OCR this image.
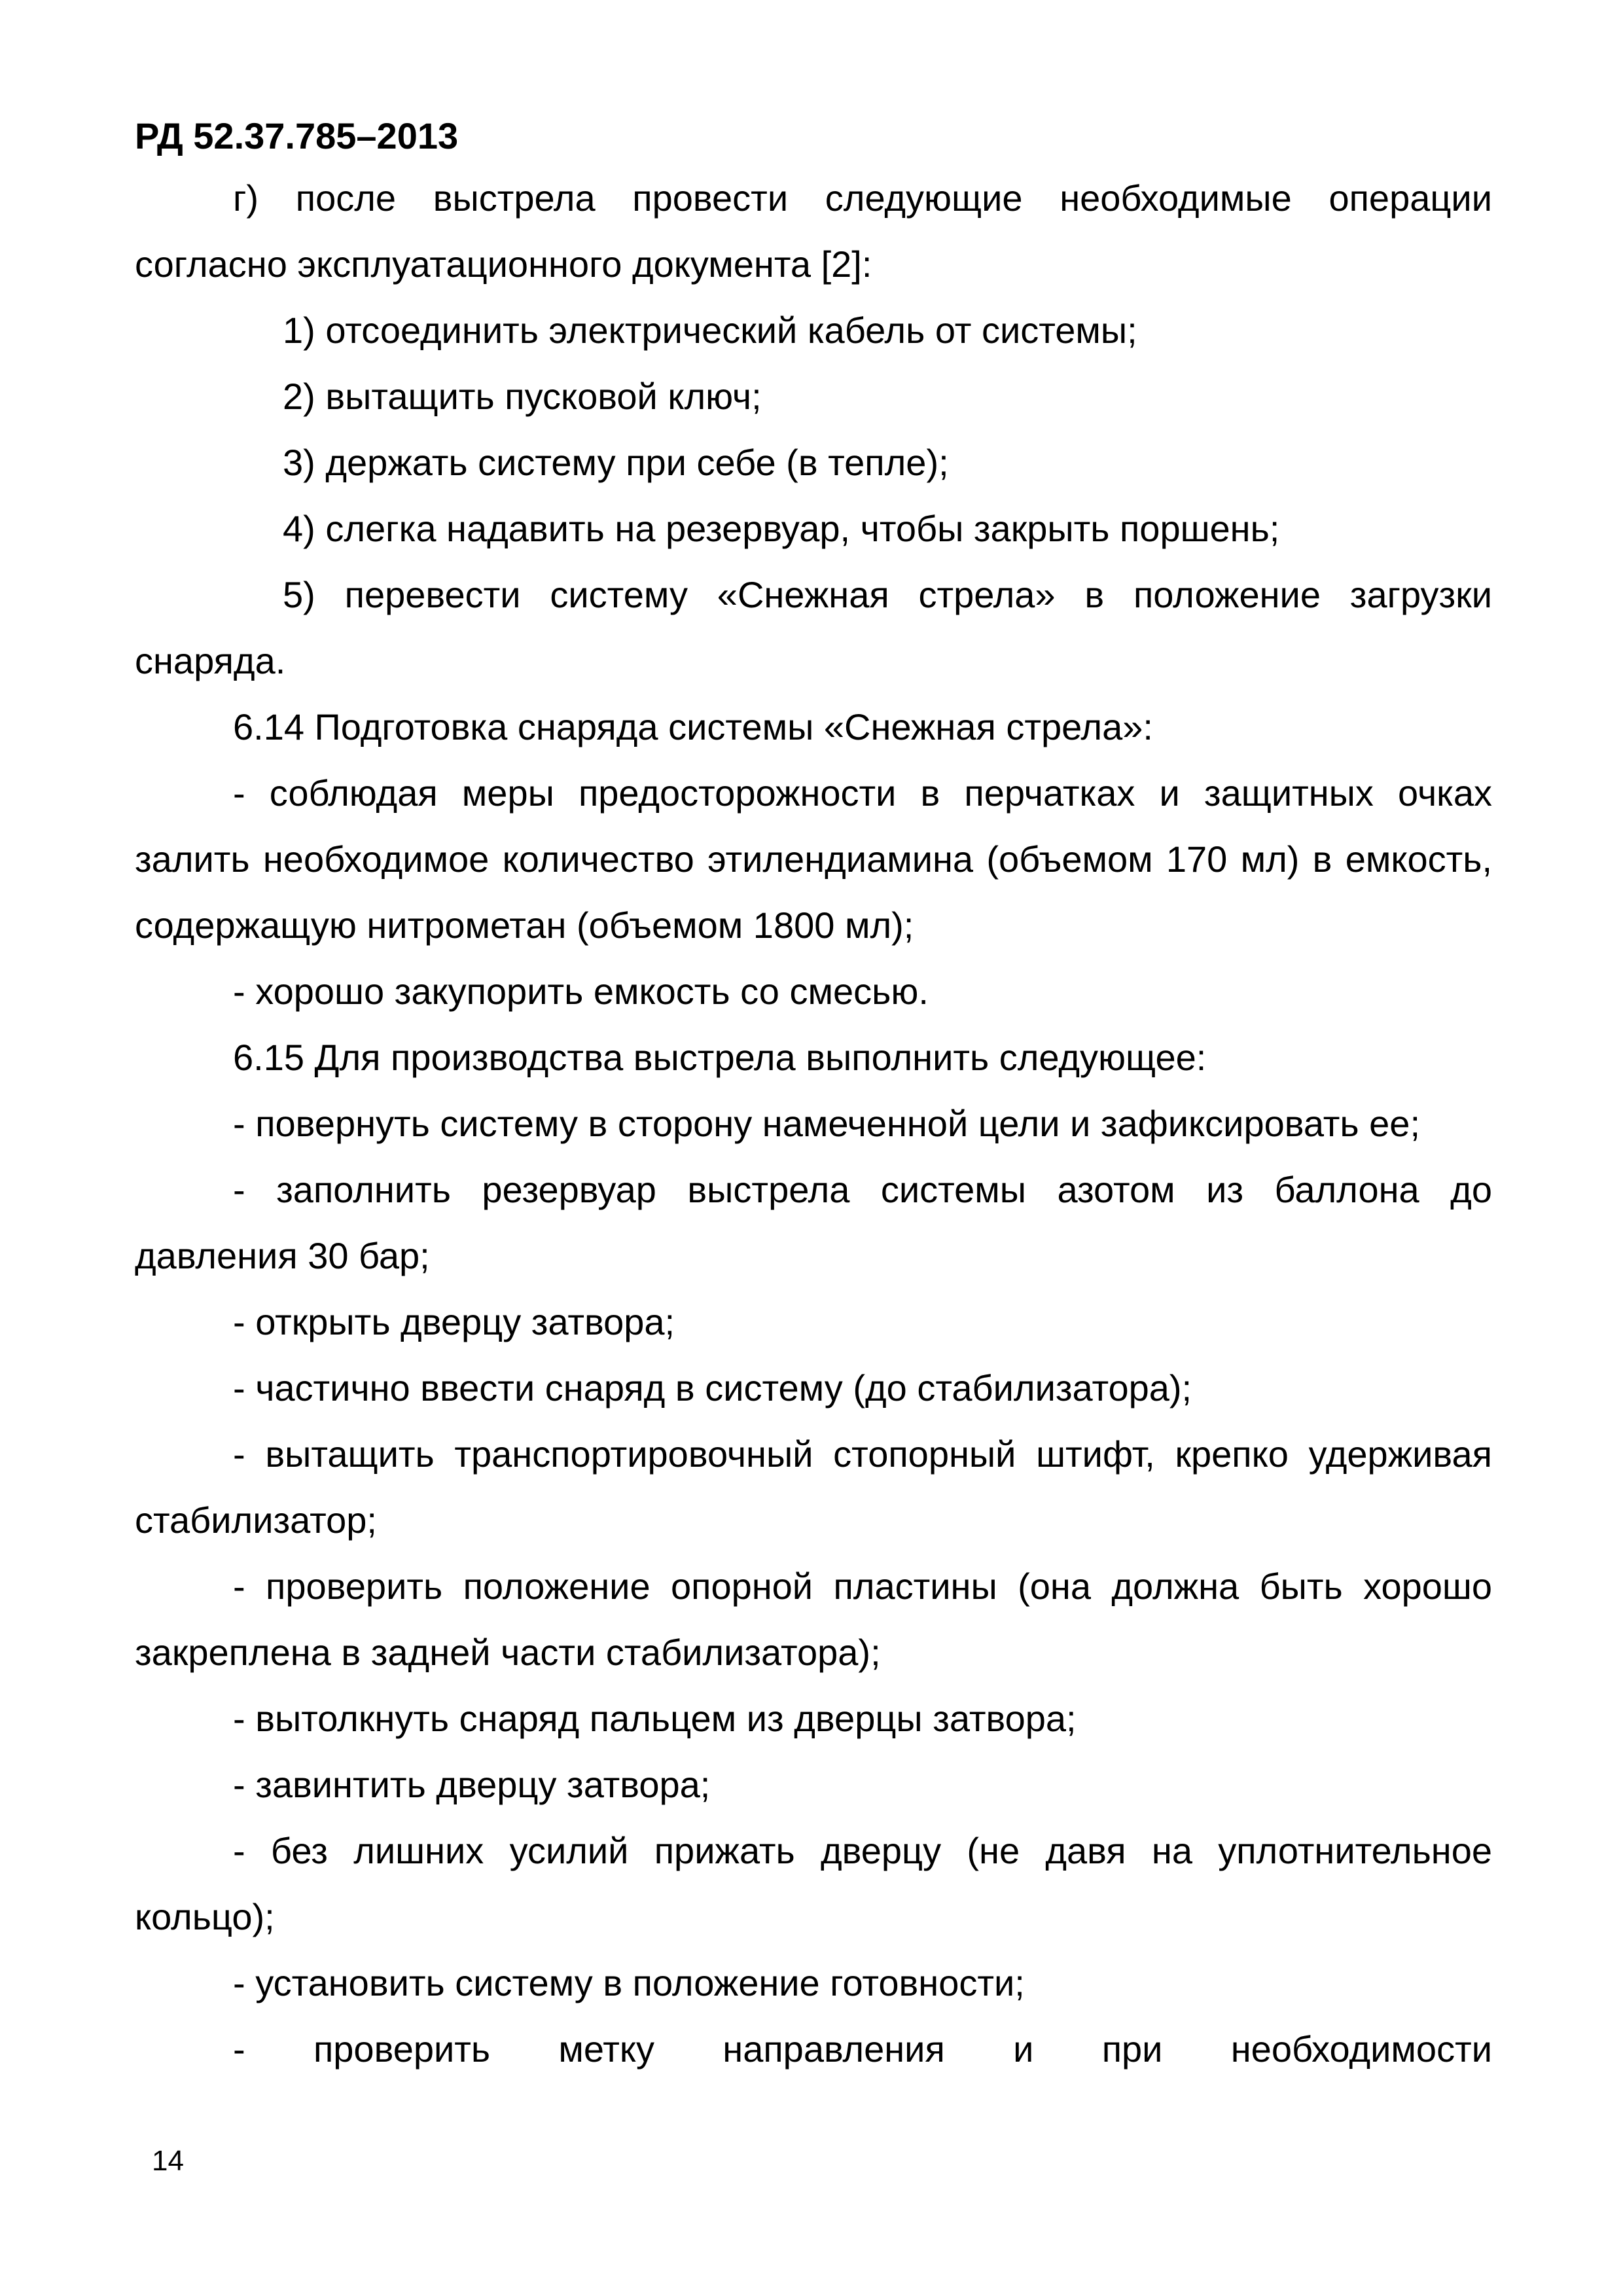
РД 52.37.785–2013

г) после выстрела провести следующие необходимые операции согласно эксплуатационного документа [2]:

1) отсоединить электрический кабель от системы;

2) вытащить пусковой ключ;

3) держать систему при себе (в тепле);

4) слегка надавить на резервуар, чтобы закрыть поршень;

5) перевести систему «Снежная стрела» в положение загрузки снаряда.

6.14 Подготовка снаряда системы «Снежная стрела»:

- соблюдая меры предосторожности в перчатках и защитных очках залить необходимое количество этилендиамина (объемом 170 мл) в емкость, содержащую нитрометан (объемом 1800 мл);

- хорошо закупорить емкость со смесью.

6.15 Для производства выстрела выполнить следующее:

- повернуть систему в сторону намеченной цели и зафиксировать ее;

- заполнить резервуар выстрела системы азотом из баллона до давления 30 бар;

- открыть дверцу затвора;

- частично ввести снаряд в систему (до стабилизатора);

- вытащить транспортировочный стопорный штифт, крепко удерживая стабилизатор;

- проверить положение опорной пластины (она должна быть хорошо закреплена в задней части стабилизатора);

- вытолкнуть снаряд пальцем из дверцы затвора;

- завинтить дверцу затвора;

- без лишних усилий прижать дверцу (не давя на уплотнительное кольцо);

- установить систему в положение готовности;

- проверить метку направления и при необходимости

14
